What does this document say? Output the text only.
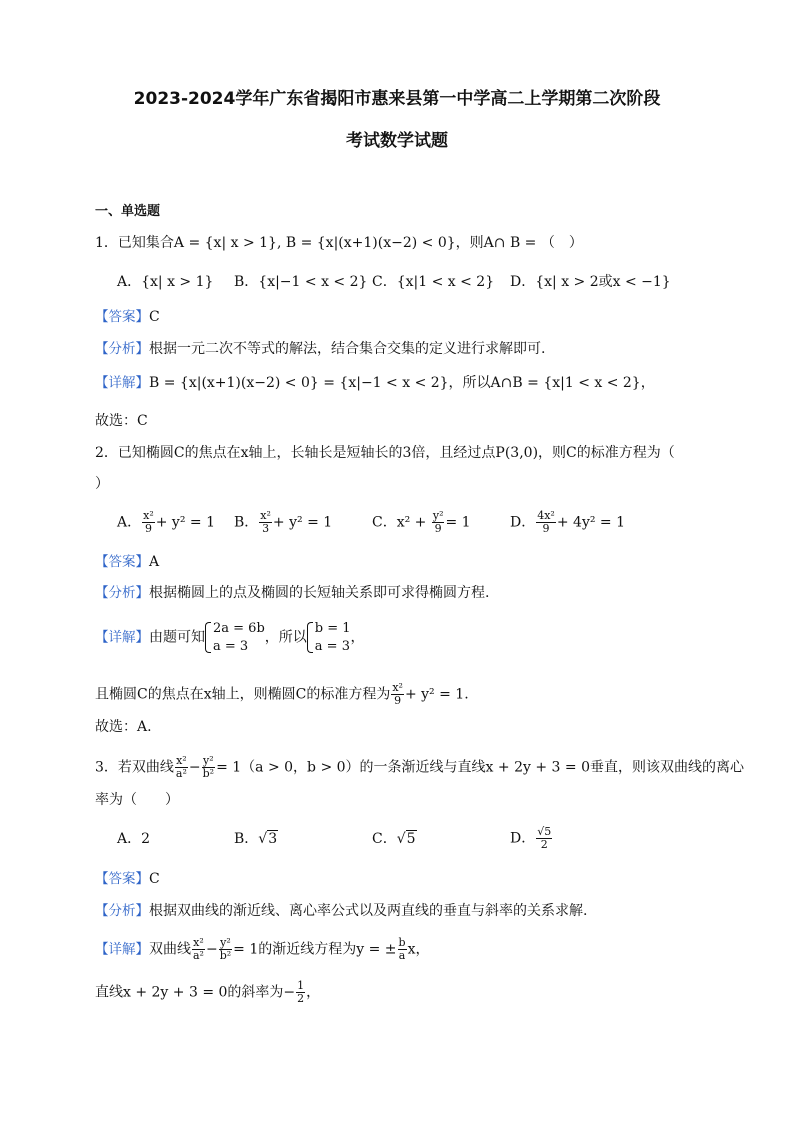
2023-2024学年广东省揭阳市惠来县第一中学高二上学期第二次阶段
考试数学试题
一、单选题
1．已知集合A = {x| x > 1}, B = {x|(x+1)(x−2) < 0}，则A∩ B = （　）
A．{x| x > 1} B．{x|−1 < x < 2} C．{x|1 < x < 2} D．{x| x > 2或x < −1}
【答案】C
【分析】根据一元二次不等式的解法，结合集合交集的定义进行求解即可.
【详解】B = {x|(x+1)(x−2) < 0} = {x|−1 < x < 2}，所以A∩B = {x|1 < x < 2}，
故选：C
2．已知椭圆C的焦点在x轴上，长轴长是短轴长的3倍，且经过点P(3,0)，则C的标准方程为（
）
A． $\frac{\text{x²}}{9} + y^2 = 1$ B． $\frac{\text{x²}}{3} + y^2 = 1$	C．$x^2 + \frac{\text{y²}}{9} = 1$	D． $\frac{\text{4x²}}{9} + 4y^2 = 1$
【答案】A
【分析】根据椭圆上的点及椭圆的长短轴关系即可求得椭圆方程.
【详解】由题可知
2a = 6b
a = 3
，所以
b = 1
a = 3
，
且椭圆C的焦点在x轴上，则椭圆C的标准方程为 $\frac{\text{x²}}{9} + y^2 = 1$.
故选：A.
3．若双曲线 $\frac{\text{x²}}{\text{a²}} - \frac{\text{y²}}{\text{b²}} = 1(a > 0$，b > 0）的一条渐近线与直线x + 2y + 3 = 0垂直，则该双曲线的离心
率为（　　）
A．2	B．√3	C．√5	D． $\frac{√5}{2}$
【答案】C
【分析】根据双曲线的渐近线、离心率公式以及两直线的垂直与斜率的关系求解.
【详解】双曲线 $\frac{\text{x²}}{\text{a²}} - \frac{\text{y²}}{\text{b²}} = 1$的渐近线方程为y = ± $\frac{b}{a}$ x，
直线x + 2y + 3 = 0的斜率为− $\frac{1}{2}$ ，
